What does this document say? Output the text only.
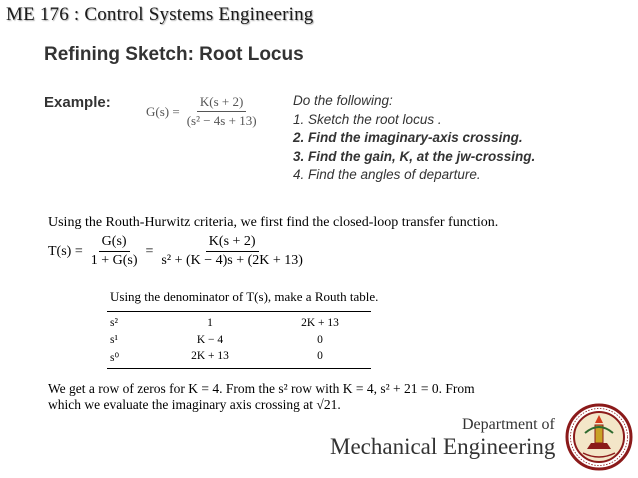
ME 176 : Control Systems Engineering
Refining Sketch: Root Locus
Example:	$G(s) = \frac{K(s + 2)}{\text{(s² − 4s + 13)}}$ Do the following:
1. Sketch the root locus .
2. Find the imaginary-axis crossing.
3. Find the gain, K, at the jw-crossing.
4. Find the angles of departure.
Using the Routh-Hurwitz criteria, we first find the closed-loop transfer function.
$T(s) = \frac{G(s)}{1 + G(s)} = \frac{K(s + 2)}{\text{s² + (K − 4)s + (2K + 13)}}$
Using the denominator of T(s), make a Routh table.
s²	1	2K + 13
s¹	K − 4	0
s⁰	2K + 13	0
We get a row of zeros for K = 4. From the s² row with K = 4, s² + 21 = 0. From
which we evaluate the imaginary axis crossing at √21.
Department of
Mechanical Engineering
